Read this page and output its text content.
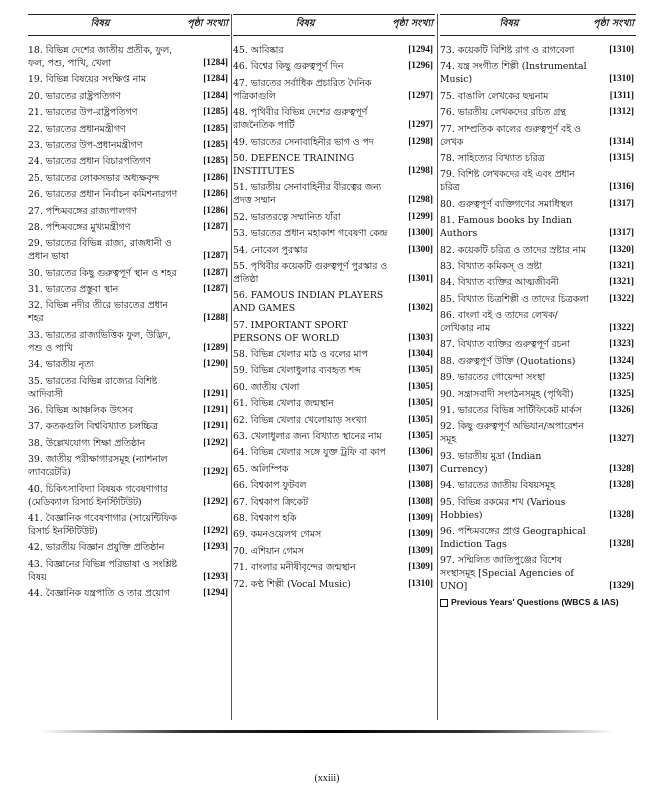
বিষয়	পৃষ্ঠা সংখ্যা
18. বিভিন্ন দেশের জাতীয় প্রতীক, ফুল, ফল, পশু, পাখি, খেলা	[1284]
19. বিভিন্ন বিষয়ের সংক্ষিপ্ত নাম	[1284]
20. ভারতের রাষ্ট্রপতিগণ	[1284]
21. ভারতের উপ-রাষ্ট্রপতিগণ	[1285]
22. ভারতের প্রধানমন্ত্রীগণ	[1285]
23. ভারতের উপ-প্রধানমন্ত্রীগণ	[1285]
24. ভারতের প্রধান বিচারপতিগণ	[1285]
25. ভারতের লোকসভার অধ্যক্ষবৃন্দ	[1286]
26. ভারতের প্রধান নির্বাচন কমিশনারগণ	[1286]
27. পশ্চিমবঙ্গের রাজ্যপালগণ	[1286]
28. পশ্চিমবঙ্গের মুখ্যমন্ত্রীগণ	[1287]
29. ভারতের বিভিন্ন রাজ্য, রাজধানী ও প্রধান ভাষা	[1287]
30. ভারতের কিছু গুরুত্বপূর্ণ স্থান ও শহর	[1287]
31. ভারতের প্রস্তুবা স্থান	[1287]
32. বিভিন্ন নদীর তীরে ভারতের প্রধান শহর	[1288]
33. ভারতের রাজ্যভিত্তিক ফুল, উদ্ভিদ, পশু ও পাখি	[1289]
34. ভারতীয় নৃত্য	[1290]
35. ভারতের বিভিন্ন রাজ্যের বিশিষ্ট আদিবাসী	[1291]
36. বিভিন্ন আঞ্চলিক উৎসব	[1291]
37. কতকগুলি বিশ্ববিখ্যাত চলচ্চিত্র	[1291]
38. উল্লেখযোগ্য শিক্ষা প্রতিষ্ঠান	[1292]
39. জাতীয় পরীক্ষাগারসমূহ (ন্যাশনাল ল্যাবরেটরি)	[1292]
40. চিকিৎসাবিদ্যা বিষয়ক গবেষণাগার (মেডিক্যাল রিসার্চ ইনস্টিটিউট)	[1292]
41. বৈজ্ঞানিক গবেষণাগার (সায়েন্টিফিক রিসার্চ ইনস্টিটিউট)	[1292]
42. ভারতীয় বিজ্ঞান প্রযুক্তি প্রতিষ্ঠান	[1293]
43. বিজ্ঞানের বিভিন্ন পরিভাষা ও সংশ্লিষ্ট বিষয়	[1293]
44. বৈজ্ঞানিক যন্ত্রপাতি ও তার প্রয়োগ	[1294]
বিষয়	পৃষ্ঠা সংখ্যা
45. আবিষ্কার	[1294]
46. বিশ্বের কিছু গুরুত্বপূর্ণ দিন	[1296]
47. ভারতের সর্বাধিক প্রচারিত দৈনিক পত্রিকাগুলি	[1297]
48. পৃথিবীর বিভিন্ন দেশের গুরুত্বপূর্ণ রাজনৈতিক পার্টি	[1297]
49. ভারতের সেনাবাহিনীর ভাগ ও পদ	[1298]
50. DEFENCE TRAINING INSTITUTES	[1298]
51. ভারতীয় সেনাবাহিনীর বীরত্বের জন্য প্রদত্ত সম্মান	[1298]
52. ভারতরত্নে সম্মানিত যাঁরা	[1299]
53. ভারতের প্রধান মহাকাশ গবেষণা কেন্দ্র [1300]
54. নোবেল পুরস্কার	[1300]
55. পৃথিবীর কয়েকটি গুরুত্বপূর্ণ পুরস্কার ও প্রতিষ্ঠা	[1301]
56. FAMOUS INDIAN PLAYERS AND GAMES	[1302]
57. IMPORTANT SPORT PERSONS OF WORLD	[1303]
58. বিভিন্ন খেলার মাঠ ও বলের মাপ	[1304]
59. বিভিন্ন খেলাধুলার ব্যবহৃত শব্দ	[1305]
60. জাতীয় খেলা	[1305]
61. বিভিন্ন খেলার জন্মস্থান	[1305]
62. বিভিন্ন খেলার খেলোয়াড় সংখ্যা	[1305]
63. খেলাধুলার জন্য বিখ্যাত স্থানের নাম	[1305]
64. বিভিন্ন খেলার সঙ্গে যুক্ত ট্রফি বা কাপ [1306]
65. অলিম্পিক	[1307]
66. বিশ্বকাপ ফুটবল	[1308]
67. বিশ্বকাপ ক্রিকেট	[1308]
68. বিশ্বকাপ হকি	[1309]
69. কমনওয়েলথ গেমস	[1309]
70. এশিয়ান গেমস	[1309]
71. বাংলার মনীষীবৃন্দের জন্মস্থান	[1309]
72. কণ্ঠ শিল্পী (Vocal Music)	[1310]
বিষয়	পৃষ্ঠা সংখ্যা
73. কয়েকটি বিশিষ্ট রাগ ও রাগবেলা	[1310]
74. যন্ত্র সংগীত শিল্পী (Instrumental Music)	[1310]
75. বাঙালি লেখকের ছদ্মনাম	[1311]
76. ভারতীয় লেখকদের রচিত গ্রন্থ	[1312]
77. সাম্প্রতিক কালের গুরুত্বপূর্ণ বই ও লেখক	[1314]
78. সাহিত্যের বিখ্যাত চরিত্র	[1315]
79. বিশিষ্ট লেখকদের বই এবং প্রধান চরিত্র	[1316]
80. গুরুত্বপূর্ণ ব্যক্তিগণের সমাধিস্থল	[1317]
81. Famous books by Indian Authors	[1317]
82. কয়েকটি চরিত্র ও তাদের স্রষ্টার নাম [1320]
83. বিখ্যাত কমিকস্ ও স্রষ্টা	[1321]
84. বিখ্যাত ব্যক্তির আত্মজীবনী	[1321]
85. বিখ্যাত চিত্রশিল্পী ও তাদের চিত্রকলা [1322]
86. বাংলা বই ও তাদের লেখক/লেখিকার নাম	[1322]
87. বিখ্যাত ব্যক্তির গুরুত্বপূর্ণ রচনা	[1323]
88. গুরুত্বপূর্ণ উক্তি (Quotations)	[1324]
89. ভারতের গোয়েন্দা সংস্থা	[1325]
90. সন্ত্রাসবাদী সংগঠনসমূহ (পৃথিবী)	[1325]
91. ভারতের বিভিন্ন সার্টিফিকেট মার্কস	[1326]
92. কিছু গুরুত্বপূর্ণ অভিযান/অপারেশন সমূহ	[1327]
93. ভারতীয় মুদ্রা (Indian Currency)	[1328]
94. ভারতের জাতীয় বিষয়সমূহ	[1328]
95. বিভিন্ন রকমের শখ (Various Hobbies)	[1328]
96. পশ্চিমবঙ্গের প্রাপ্ত Geographical Indiction Tags	[1328]
97. সম্মিলিত জাতিপুঞ্জের বিশেষ সংস্থাসমূহ [Special Agencies of UNO]	[1329]
Previous Years' Questions (WBCS & IAS)
(xxiii)
